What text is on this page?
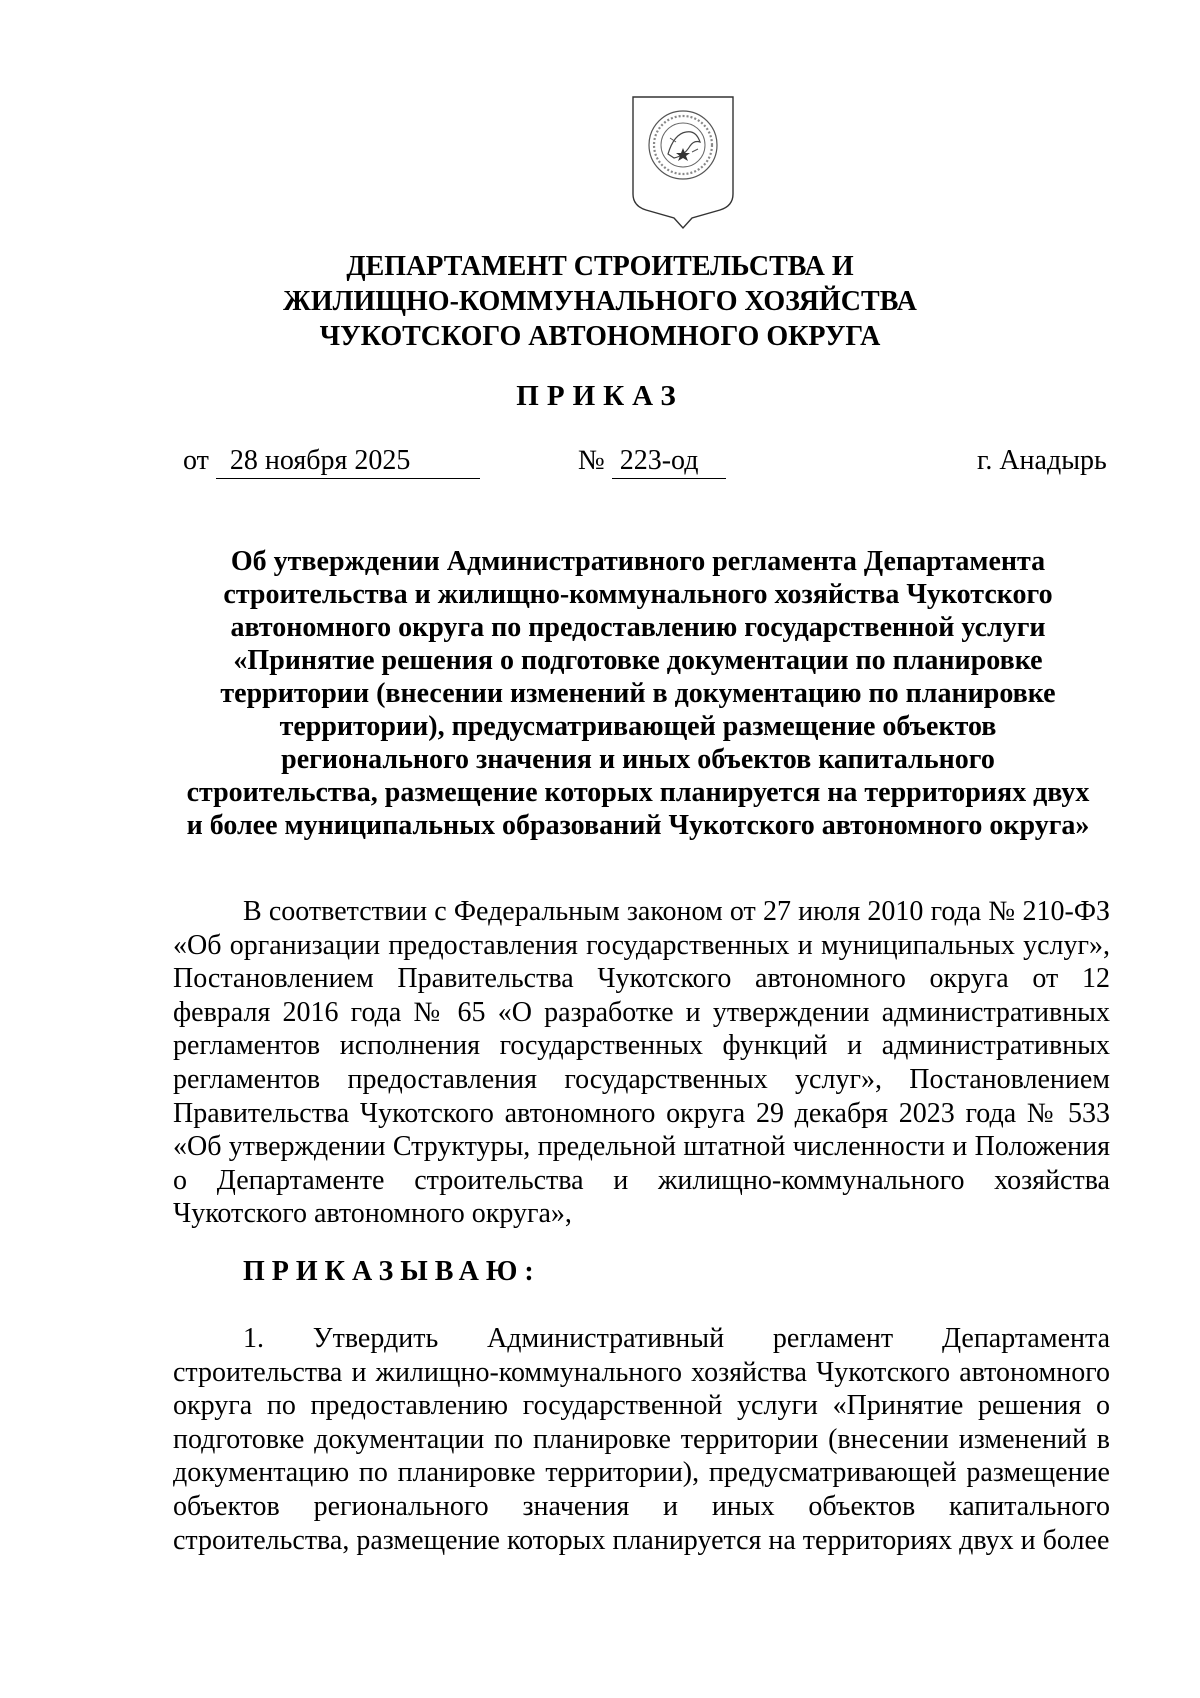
ДЕПАРТАМЕНТ СТРОИТЕЛЬСТВА И
ЖИЛИЩНО-КОММУНАЛЬНОГО ХОЗЯЙСТВА
ЧУКОТСКОГО АВТОНОМНОГО ОКРУГА
ПРИКАЗ
от 28 ноября 2025	№ 223-од	г. Анадырь
Об утверждении Административного регламента Департамента
строительства и жилищно-коммунального хозяйства Чукотского
автономного округа по предоставлению государственной услуги
«Принятие решения о подготовке документации по планировке
территории (внесении изменений в документацию по планировке
территории), предусматривающей размещение объектов
регионального значения и иных объектов капитального
строительства, размещение которых планируется на территориях двух
и более муниципальных образований Чукотского автономного округа»

В соответствии с Федеральным законом от 27 июля 2010 года № 210-ФЗ «Об организации предоставления государственных и муниципальных услуг», Постановлением Правительства Чукотского автономного округа от 12 февраля 2016 года № 65 «О разработке и утверждении административных регламентов исполнения государственных функций и административных регламентов предоставления государственных услуг», Постановлением Правительства Чукотского автономного округа 29 декабря 2023 года № 533 «Об утверждении Структуры, предельной штатной численности и Положения о Департаменте строительства и жилищно-коммунального хозяйства Чукотского автономного округа»,

ПРИКАЗЫВАЮ:

1. Утвердить Административный регламент Департамента строительства и жилищно-коммунального хозяйства Чукотского автономного округа по предоставлению государственной услуги «Принятие решения о подготовке документации по планировке территории (внесении изменений в документацию по планировке территории), предусматривающей размещение объектов регионального значения и иных объектов капитального строительства, размещение которых планируется на территориях двух и более
